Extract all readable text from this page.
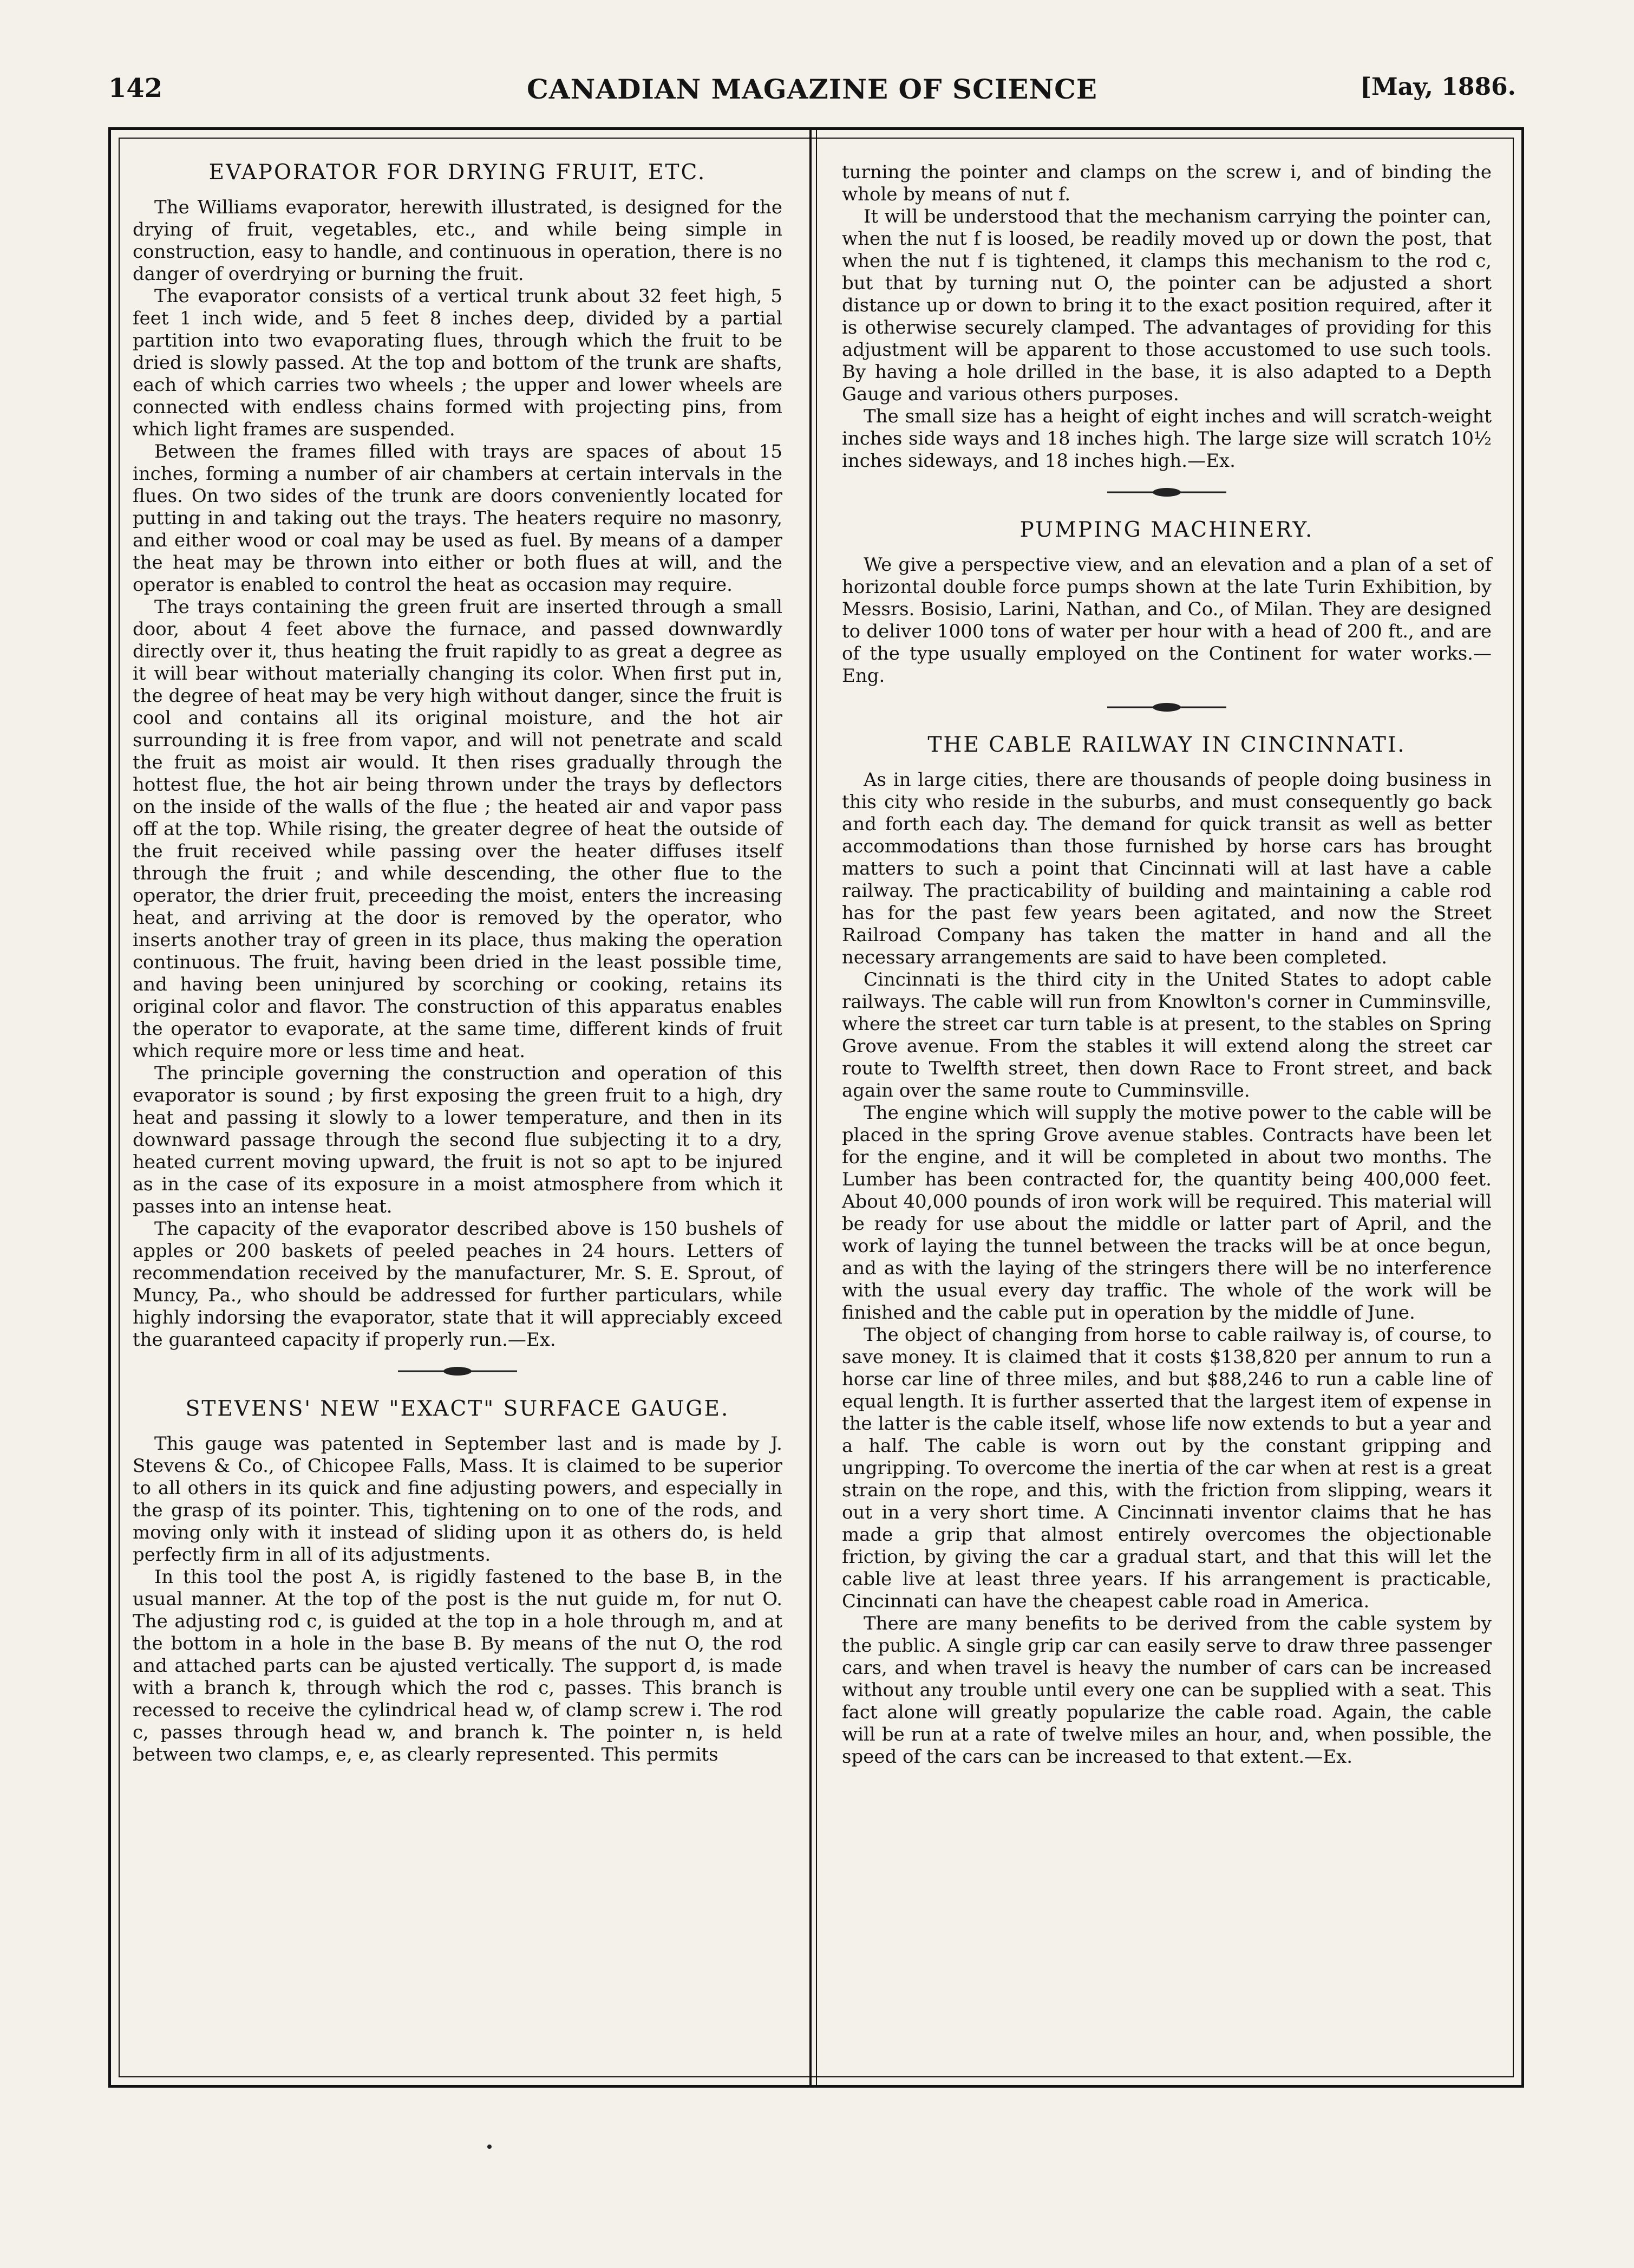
142	CANADIAN MAGAZINE OF SCIENCE	[May, 1886.
EVAPORATOR FOR DRYING FRUIT, ETC.

The Williams evaporator, herewith illustrated, is designed for the drying of fruit, vegetables, etc., and while being simple in construction, easy to handle, and continuous in operation, there is no danger of overdrying or burning the fruit.

The evaporator consists of a vertical trunk about 32 feet high, 5 feet 1 inch wide, and 5 feet 8 inches deep, divided by a partial partition into two evaporating flues, through which the fruit to be dried is slowly passed. At the top and bottom of the trunk are shafts, each of which carries two wheels ; the upper and lower wheels are connected with endless chains formed with projecting pins, from which light frames are suspended.

Between the frames filled with trays are spaces of about 15 inches, forming a number of air chambers at certain intervals in the flues. On two sides of the trunk are doors conveniently located for putting in and taking out the trays. The heaters require no masonry, and either wood or coal may be used as fuel. By means of a damper the heat may be thrown into either or both flues at will, and the operator is enabled to control the heat as occasion may require.

The trays containing the green fruit are inserted through a small door, about 4 feet above the furnace, and passed downwardly directly over it, thus heating the fruit rapidly to as great a degree as it will bear without materially changing its color. When first put in, the degree of heat may be very high without danger, since the fruit is cool and contains all its original moisture, and the hot air surrounding it is free from vapor, and will not penetrate and scald the fruit as moist air would. It then rises gradually through the hottest flue, the hot air being thrown under the trays by deflectors on the inside of the walls of the flue ; the heated air and vapor pass off at the top. While rising, the greater degree of heat the outside of the fruit received while passing over the heater diffuses itself through the fruit ; and while descending, the other flue to the operator, the drier fruit, preceeding the moist, enters the increasing heat, and arriving at the door is removed by the operator, who inserts another tray of green in its place, thus making the operation continuous. The fruit, having been dried in the least possible time, and having been uninjured by scorching or cooking, retains its original color and flavor. The construction of this apparatus enables the operator to evaporate, at the same time, different kinds of fruit which require more or less time and heat.

The principle governing the construction and operation of this evaporator is sound ; by first exposing the green fruit to a high, dry heat and passing it slowly to a lower temperature, and then in its downward passage through the second flue subjecting it to a dry, heated current moving upward, the fruit is not so apt to be injured as in the case of its exposure in a moist atmosphere from which it passes into an intense heat.

The capacity of the evaporator described above is 150 bushels of apples or 200 baskets of peeled peaches in 24 hours. Letters of recommendation received by the manufacturer, Mr. S. E. Sprout, of Muncy, Pa., who should be addressed for further particulars, while highly indorsing the evaporator, state that it will appreciably exceed the guaranteed capacity if properly run.—Ex.

STEVENS' NEW "EXACT" SURFACE GAUGE.

This gauge was patented in September last and is made by J. Stevens & Co., of Chicopee Falls, Mass. It is claimed to be superior to all others in its quick and fine adjusting powers, and especially in the grasp of its pointer. This, tightening on to one of the rods, and moving only with it instead of sliding upon it as others do, is held perfectly firm in all of its adjustments.

In this tool the post A, is rigidly fastened to the base B, in the usual manner. At the top of the post is the nut guide m, for nut O. The adjusting rod c, is guided at the top in a hole through m, and at the bottom in a hole in the base B. By means of the nut O, the rod and attached parts can be ajusted vertically. The support d, is made with a branch k, through which the rod c, passes. This branch is recessed to receive the cylindrical head w, of clamp screw i. The rod c, passes through head w, and branch k. The pointer n, is held between two clamps, e, e, as clearly represented. This permits

turning the pointer and clamps on the screw i, and of binding the whole by means of nut f.

It will be understood that the mechanism carrying the pointer can, when the nut f is loosed, be readily moved up or down the post, that when the nut f is tightened, it clamps this mechanism to the rod c, but that by turning nut O, the pointer can be adjusted a short distance up or down to bring it to the exact position required, after it is otherwise securely clamped. The advantages of providing for this adjustment will be apparent to those accustomed to use such tools. By having a hole drilled in the base, it is also adapted to a Depth Gauge and various others purposes.

The small size has a height of eight inches and will scratch-weight inches side ways and 18 inches high. The large size will scratch 10½ inches sideways, and 18 inches high.—Ex.

PUMPING MACHINERY.

We give a perspective view, and an elevation and a plan of a set of horizontal double force pumps shown at the late Turin Exhibition, by Messrs. Bosisio, Larini, Nathan, and Co., of Milan. They are designed to deliver 1000 tons of water per hour with a head of 200 ft., and are of the type usually employed on the Continent for water works.—Eng.

THE CABLE RAILWAY IN CINCINNATI.

As in large cities, there are thousands of people doing business in this city who reside in the suburbs, and must consequently go back and forth each day. The demand for quick transit as well as better accommodations than those furnished by horse cars has brought matters to such a point that Cincinnati will at last have a cable railway. The practicability of building and maintaining a cable rod has for the past few years been agitated, and now the Street Railroad Company has taken the matter in hand and all the necessary arrangements are said to have been completed.

Cincinnati is the third city in the United States to adopt cable railways. The cable will run from Knowlton's corner in Cumminsville, where the street car turn table is at present, to the stables on Spring Grove avenue. From the stables it will extend along the street car route to Twelfth street, then down Race to Front street, and back again over the same route to Cumminsville.

The engine which will supply the motive power to the cable will be placed in the spring Grove avenue stables. Contracts have been let for the engine, and it will be completed in about two months. The Lumber has been contracted for, the quantity being 400,000 feet. About 40,000 pounds of iron work will be required. This material will be ready for use about the middle or latter part of April, and the work of laying the tunnel between the tracks will be at once begun, and as with the laying of the stringers there will be no interference with the usual every day traffic. The whole of the work will be finished and the cable put in operation by the middle of June.

The object of changing from horse to cable railway is, of course, to save money. It is claimed that it costs $138,820 per annum to run a horse car line of three miles, and but $88,246 to run a cable line of equal length. It is further asserted that the largest item of expense in the latter is the cable itself, whose life now extends to but a year and a half. The cable is worn out by the constant gripping and ungripping. To overcome the inertia of the car when at rest is a great strain on the rope, and this, with the friction from slipping, wears it out in a very short time. A Cincinnati inventor claims that he has made a grip that almost entirely overcomes the objectionable friction, by giving the car a gradual start, and that this will let the cable live at least three years. If his arrangement is practicable, Cincinnati can have the cheapest cable road in America.

There are many benefits to be derived from the cable system by the public. A single grip car can easily serve to draw three passenger cars, and when travel is heavy the number of cars can be increased without any trouble until every one can be supplied with a seat. This fact alone will greatly popularize the cable road. Again, the cable will be run at a rate of twelve miles an hour, and, when possible, the speed of the cars can be increased to that extent.—Ex.
